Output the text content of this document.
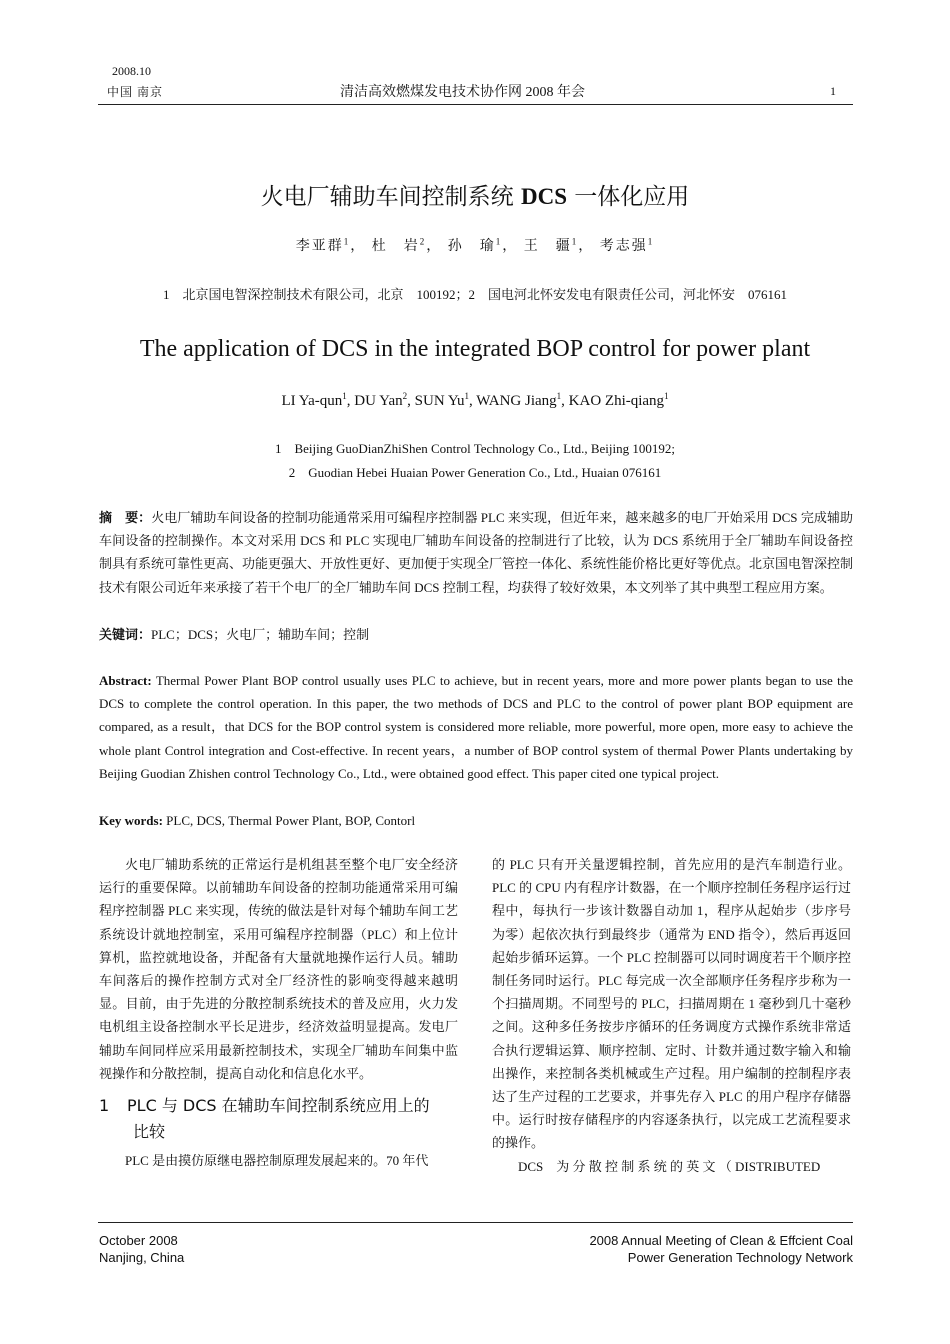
2008.10
中国 南京	清洁高效燃煤发电技术协作网 2008 年会	1
火电厂辅助车间控制系统 DCS 一体化应用
李亚群$^1$， 杜　岩$^2$， 孙　瑜$^1$， 王　疆$^1$， 考志强$^1$
1　北京国电智深控制技术有限公司，北京　100192；2　国电河北怀安发电有限责任公司，河北怀安　076161
The application of DCS in the integrated BOP control for power plant
LI Ya-qun$^1$, DU Yan$^2$, SUN Yu$^1$, WANG Jiang$^1$, KAO Zhi-qiang$^1$
1　Beijing GuoDianZhiShen Control Technology Co., Ltd., Beijing 100192;
2　Guodian Hebei Huaian Power Generation Co., Ltd., Huaian 076161
摘　要：火电厂辅助车间设备的控制功能通常采用可编程序控制器 PLC 来实现，但近年来，越来越多的电厂开始采用 DCS 完成辅助车间设备的控制操作。本文对采用 DCS 和 PLC 实现电厂辅助车间设备的控制进行了比较，认为 DCS 系统用于全厂辅助车间设备控制具有系统可靠性更高、功能更强大、开放性更好、更加便于实现全厂管控一体化、系统性能价格比更好等优点。北京国电智深控制技术有限公司近年来承接了若干个电厂的全厂辅助车间 DCS 控制工程，均获得了较好效果，本文列举了其中典型工程应用方案。
关键词：PLC；DCS；火电厂；辅助车间；控制
Abstract: Thermal Power Plant BOP control usually uses PLC to achieve, but in recent years, more and more power plants began to use the DCS to complete the control operation. In this paper, the two methods of DCS and PLC to the control of power plant BOP equipment are compared, as a result，that DCS for the BOP control system is considered more reliable, more powerful, more open, more easy to achieve the whole plant Control integration and Cost-effective. In recent years，a number of BOP control system of thermal Power Plants undertaking by Beijing Guodian Zhishen control Technology Co., Ltd., were obtained good effect. This paper cited one typical project.
Key words: PLC, DCS, Thermal Power Plant, BOP, Contorl

火电厂辅助系统的正常运行是机组甚至整个电厂安全经济运行的重要保障。以前辅助车间设备的控制功能通常采用可编程序控制器 PLC 来实现，传统的做法是针对每个辅助车间工艺系统设计就地控制室，采用可编程序控制器（PLC）和上位计算机，监控就地设备，并配备有大量就地操作运行人员。辅助车间落后的操作控制方式对全厂经济性的影响变得越来越明显。目前，由于先进的分散控制系统技术的普及应用，火力发电机组主设备控制水平长足进步，经济效益明显提高。发电厂辅助车间同样应采用最新控制技术，实现全厂辅助车间集中监视操作和分散控制，提高自动化和信息化水平。

1 PLC 与 DCS 在辅助车间控制系统应用上的
比较

PLC 是由摸仿原继电器控制原理发展起来的。70 年代

的 PLC 只有开关量逻辑控制，首先应用的是汽车制造行业。PLC 的 CPU 内有程序计数器，在一个顺序控制任务程序运行过程中，每执行一步该计数器自动加 1，程序从起始步（步序号为零）起依次执行到最终步（通常为 END 指令），然后再返回起始步循环运算。一个 PLC 控制器可以同时调度若干个顺序控制任务同时运行。PLC 每完成一次全部顺序任务程序步称为一个扫描周期。不同型号的 PLC，扫描周期在 1 毫秒到几十毫秒之间。这种多任务按步序循环的任务调度方式操作系统非常适合执行逻辑运算、顺序控制、定时、计数并通过数字输入和输出操作，来控制各类机械或生产过程。用户编制的控制程序表达了生产过程的工艺要求，并事先存入 PLC 的用户程序存储器中。运行时按存储程序的内容逐条执行，以完成工艺流程要求的操作。

DCS　为 分 散 控 制 系 统 的 英 文 （ DISTRIBUTED

October 2008
Nanjing, China
2008 Annual Meeting of Clean & Effcient Coal
Power Generation Technology Network
